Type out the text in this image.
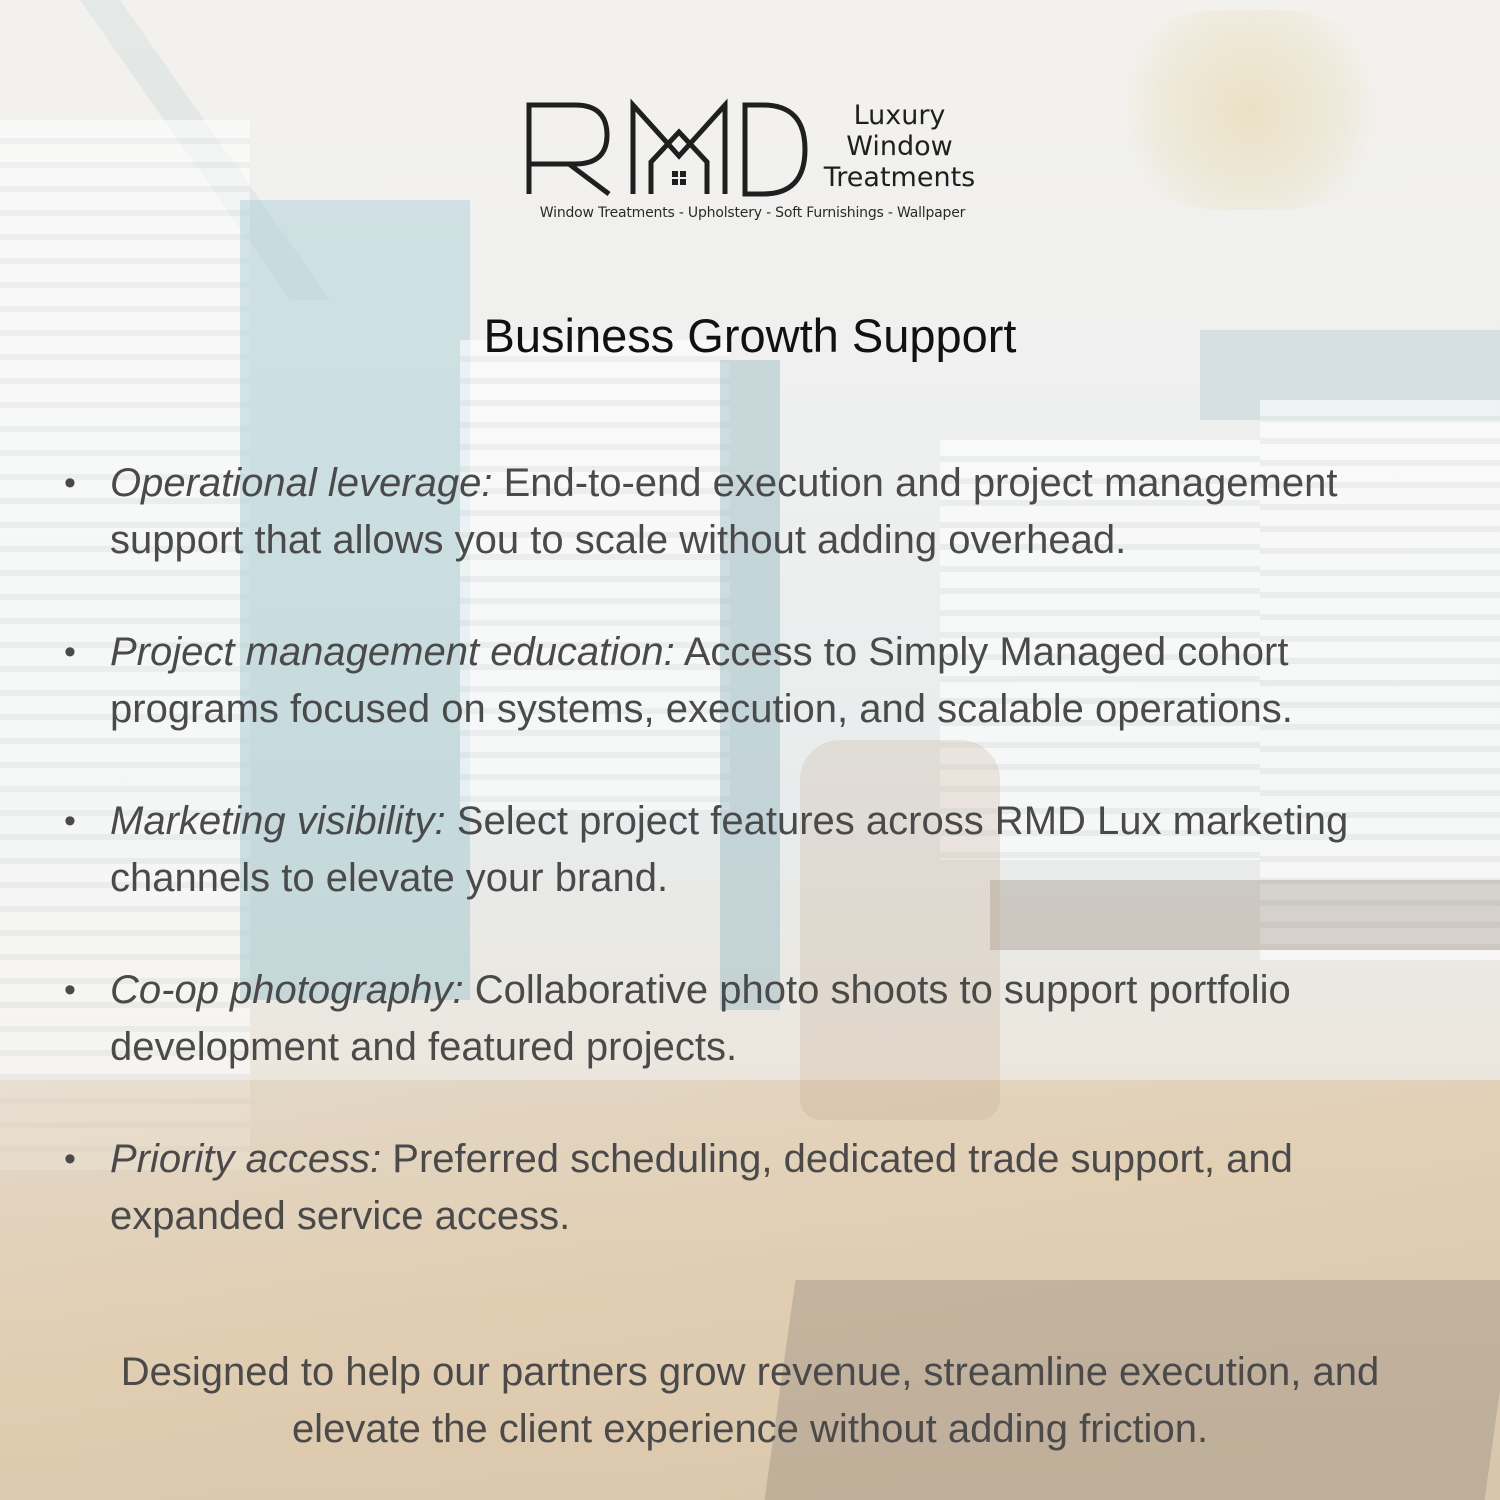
Luxury
Window
Treatments
Window Treatments - Upholstery - Soft Furnishings - Wallpaper
Business Growth Support
• Operational leverage: End-to-end execution and project management support that allows you to scale without adding overhead.
• Project management education: Access to Simply Managed cohort programs focused on systems, execution, and scalable operations.
• Marketing visibility: Select project features across RMD Lux marketing channels to elevate your brand.
• Co-op photography: Collaborative photo shoots to support portfolio development and featured projects.
• Priority access: Preferred scheduling, dedicated trade support, and expanded service access.

Designed to help our partners grow revenue, streamline execution, and elevate the client experience without adding friction.
